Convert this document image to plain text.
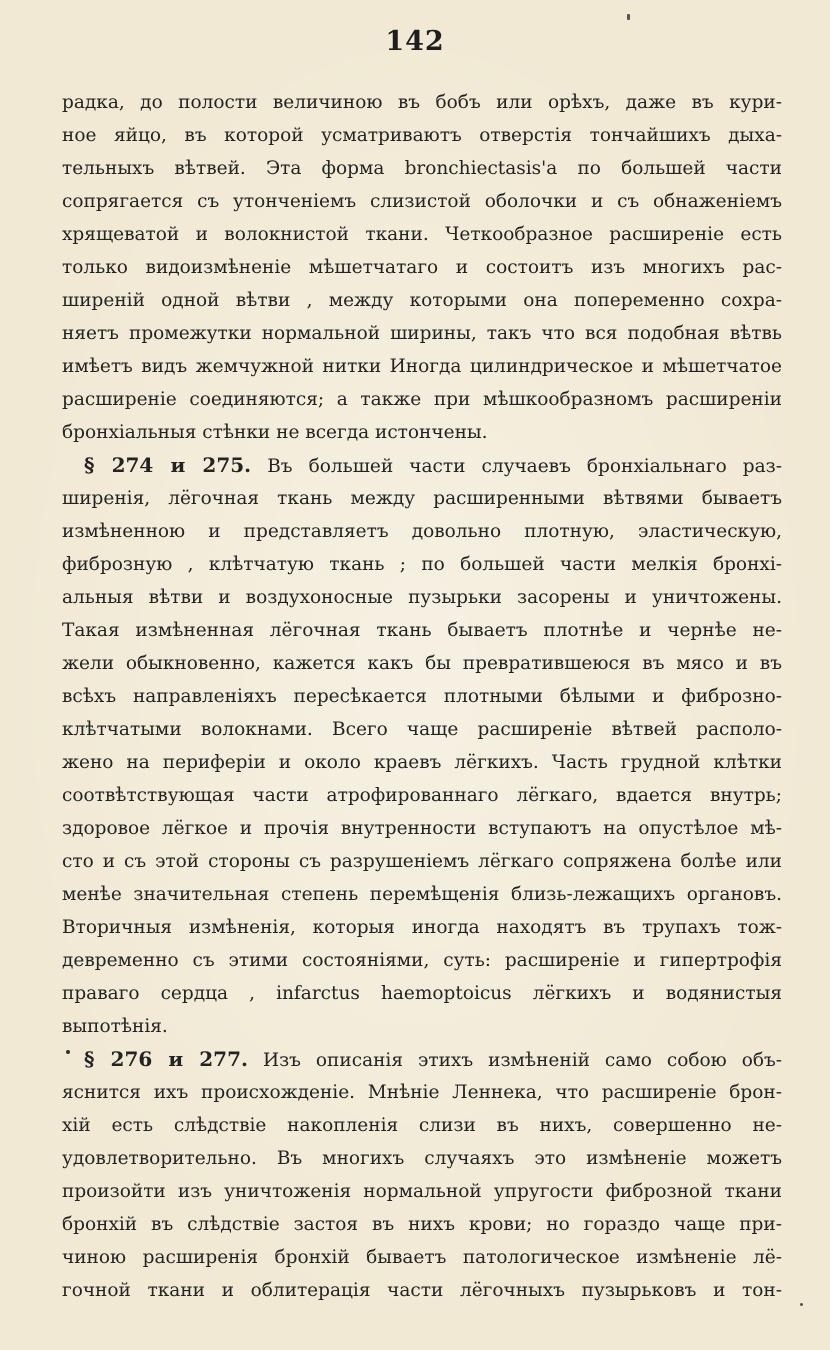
142
радка, до полости величиною въ бобъ или орѣхъ, даже въ кури-
ное яйцо, въ которой усматриваютъ отверстія тончайшихъ дыха-
тельныхъ вѣтвей. Эта форма bronchiectasis'а по большей части
сопрягается съ утонченіемъ слизистой оболочки и съ обнаженіемъ
хрящеватой и волокнистой ткани. Четкообразное расширеніе есть
только видоизмѣненіе мѣшетчатаго и состоитъ изъ многихъ рас-
ширеній одной вѣтви , между которыми она попеременно сохра-
няетъ промежутки нормальной ширины, такъ что вся подобная вѣтвь
имѣетъ видъ жемчужной нитки Иногда цилиндрическое и мѣшетчатое
расширеніе соединяются; а также при мѣшкообразномъ расширеніи
бронхіальныя стѣнки не всегда истончены.
§ 274 и 275. Въ большей части случаевъ бронхіальнаго раз-
ширенія, лёгочная ткань между расширенными вѣтвями бываетъ
измѣненною и представляетъ довольно плотную, эластическую,
фиброзную , клѣтчатую ткань ; по большей части мелкія бронхі-
альныя вѣтви и воздухоносные пузырьки засорены и уничтожены.
Такая измѣненная лёгочная ткань бываетъ плотнѣе и чернѣе не-
жели обыкновенно, кажется какъ бы превратившеюся въ мясо и въ
всѣхъ направленіяхъ пересѣкается плотными бѣлыми и фиброзно-
клѣтчатыми волокнами. Всего чаще расширеніе вѣтвей располо-
жено на периферіи и около краевъ лёгкихъ. Часть грудной клѣтки
соотвѣтствующая части атрофированнаго лёгкаго, вдается внутрь;
здоровое лёгкое и прочія внутренности вступаютъ на опустѣлое мѣ-
сто и съ этой стороны съ разрушеніемъ лёгкаго сопряжена болѣе или
менѣе значительная степень перемѣщенія близь-лежащихъ органовъ.
Вторичныя измѣненія, которыя иногда находятъ въ трупахъ тож-
девременно съ этими состояніями, суть: расширеніе и гипертрофія
праваго сердца , infarctus haemoptoicus лёгкихъ и водянистыя
выпотѣнія.
§ 276 и 277. Изъ описанія этихъ измѣненій само собою объ-
яснится ихъ происхожденіе. Мнѣніе Леннека, что расширеніе брон-
хій есть слѣдствіе накопленія слизи въ нихъ, совершенно не-
удовлетворительно. Въ многихъ случаяхъ это измѣненіе можетъ
произойти изъ уничтоженія нормальной упругости фиброзной ткани
бронхій въ слѣдствіе застоя въ нихъ крови; но гораздо чаще при-
чиною расширенія бронхій бываетъ патологическое измѣненіе лё-
гочной ткани и облитерація части лёгочныхъ пузырьковъ и тон-
